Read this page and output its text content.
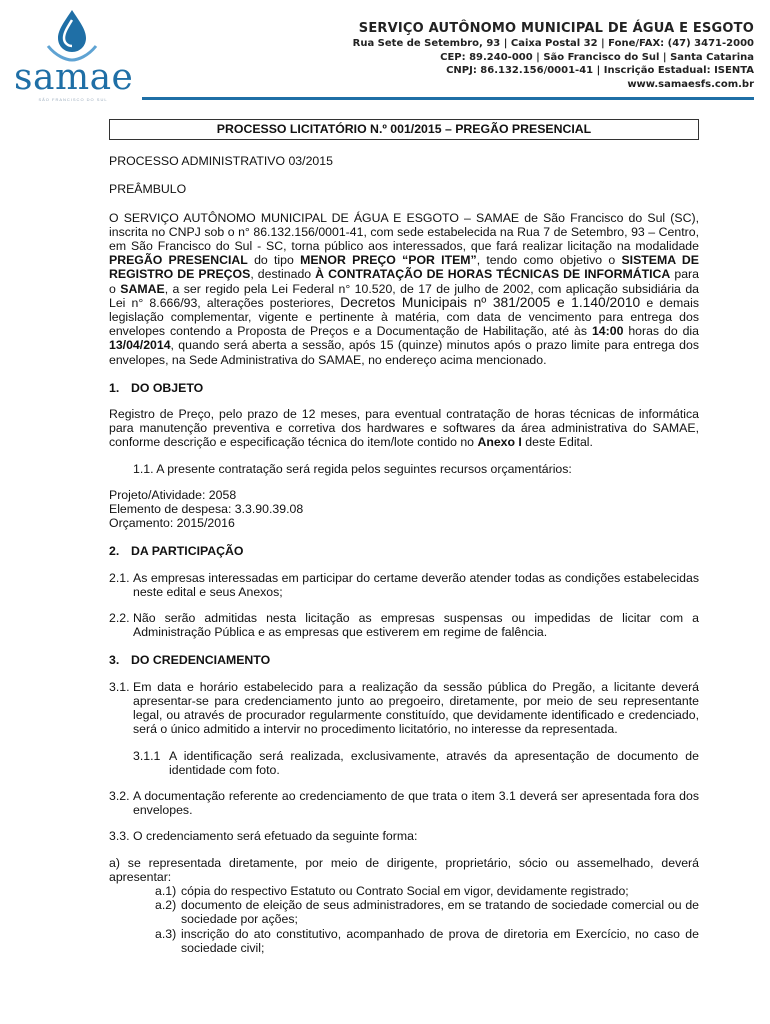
samae
SÃO FRANCISCO DO SUL
SERVIÇO AUTÔNOMO MUNICIPAL DE ÁGUA E ESGOTO
Rua Sete de Setembro, 93 | Caixa Postal 32 | Fone/FAX: (47) 3471-2000
CEP: 89.240-000 | São Francisco do Sul | Santa Catarina
CNPJ: 86.132.156/0001-41 | Inscrição Estadual: ISENTA
www.samaesfs.com.br
PROCESSO LICITATÓRIO N.º 001/2015 – PREGÃO PRESENCIAL

PROCESSO ADMINISTRATIVO 03/2015

PREÂMBULO

O SERVIÇO AUTÔNOMO MUNICIPAL DE ÁGUA E ESGOTO – SAMAE de São Francisco do Sul (SC), inscrita no CNPJ sob o n° 86.132.156/0001-41, com sede estabelecida na Rua 7 de Setembro, 93 – Centro, em São Francisco do Sul - SC, torna público aos interessados, que fará realizar licitação na modalidade PREGÃO PRESENCIAL do tipo MENOR PREÇO “POR ITEM”, tendo como objetivo o SISTEMA DE REGISTRO DE PREÇOS, destinado À CONTRATAÇÃO DE HORAS TÉCNICAS DE INFORMÁTICA para o SAMAE, a ser regido pela Lei Federal n° 10.520, de 17 de julho de 2002, com aplicação subsidiária da Lei n° 8.666/93, alterações posteriores, Decretos Municipais nº 381/2005 e 1.140/2010 e demais legislação complementar, vigente e pertinente à matéria, com data de vencimento para entrega dos envelopes contendo a Proposta de Preços e a Documentação de Habilitação, até às 14:00 horas do dia 13/04/2014, quando será aberta a sessão, após 15 (quinze) minutos após o prazo limite para entrega dos envelopes, na Sede Administrativa do SAMAE, no endereço acima mencionado.

1. DO OBJETO

Registro de Preço, pelo prazo de 12 meses, para eventual contratação de horas técnicas de informática para manutenção preventiva e corretiva dos hardwares e softwares da área administrativa do SAMAE, conforme descrição e especificação técnica do item/lote contido no Anexo I deste Edital.

1.1. A presente contratação será regida pelos seguintes recursos orçamentários:

Projeto/Atividade: 2058

Elemento de despesa: 3.3.90.39.08

Orçamento: 2015/2016

2. DA PARTICIPAÇÃO
2.1. As empresas interessadas em participar do certame deverão atender todas as condições estabelecidas neste edital e seus Anexos;
2.2. Não serão admitidas nesta licitação as empresas suspensas ou impedidas de licitar com a Administração Pública e as empresas que estiverem em regime de falência.
3. DO CREDENCIAMENTO
3.1. Em data e horário estabelecido para a realização da sessão pública do Pregão, a licitante deverá apresentar-se para credenciamento junto ao pregoeiro, diretamente, por meio de seu representante legal, ou através de procurador regularmente constituído, que devidamente identificado e credenciado, será o único admitido a intervir no procedimento licitatório, no interesse da representada.
3.1.1 A identificação será realizada, exclusivamente, através da apresentação de documento de identidade com foto.
3.2. A documentação referente ao credenciamento de que trata o item 3.1 deverá ser apresentada fora dos envelopes.
3.3. O credenciamento será efetuado da seguinte forma:

a) se representada diretamente, por meio de dirigente, proprietário, sócio ou assemelhado, deverá apresentar:

a.1) cópia do respectivo Estatuto ou Contrato Social em vigor, devidamente registrado;
a.2) documento de eleição de seus administradores, em se tratando de sociedade comercial ou de sociedade por ações;
a.3) inscrição do ato constitutivo, acompanhado de prova de diretoria em Exercício, no caso de sociedade civil;
